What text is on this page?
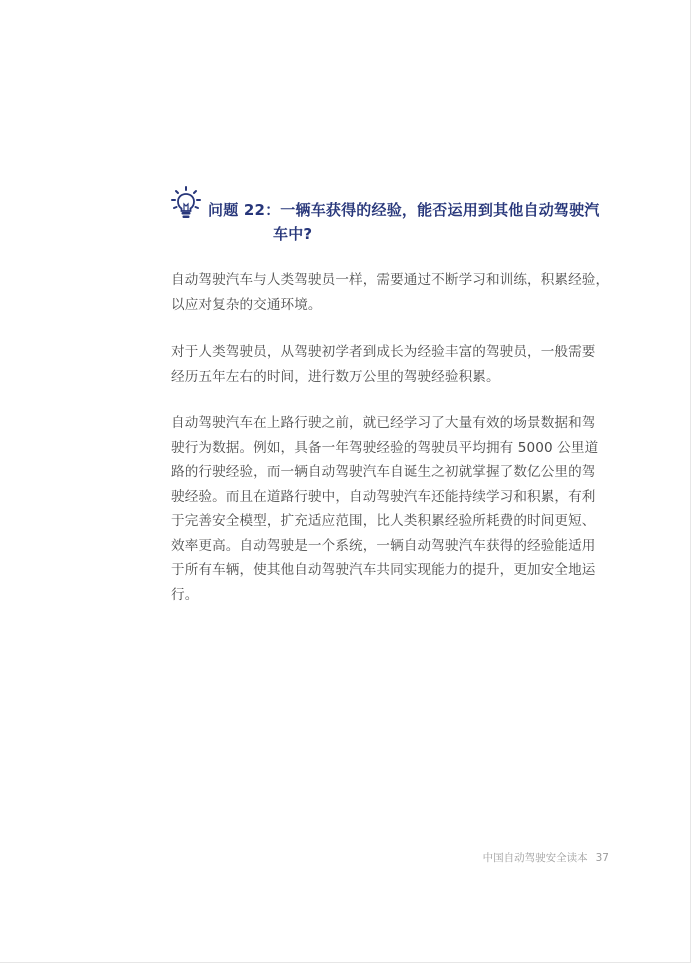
问题 22：一辆车获得的经验，能否运用到其他自动驾驶汽
车中?

自动驾驶汽车与人类驾驶员一样，需要通过不断学习和训练，积累经验，
以应对复杂的交通环境。

对于人类驾驶员，从驾驶初学者到成长为经验丰富的驾驶员，一般需要
经历五年左右的时间，进行数万公里的驾驶经验积累。

自动驾驶汽车在上路行驶之前，就已经学习了大量有效的场景数据和驾
驶行为数据。例如，具备一年驾驶经验的驾驶员平均拥有 5000 公里道
路的行驶经验，而一辆自动驾驶汽车自诞生之初就掌握了数亿公里的驾
驶经验。而且在道路行驶中，自动驾驶汽车还能持续学习和积累，有利
于完善安全模型，扩充适应范围，比人类积累经验所耗费的时间更短、
效率更高。自动驾驶是一个系统，一辆自动驾驶汽车获得的经验能适用
于所有车辆，使其他自动驾驶汽车共同实现能力的提升，更加安全地运
行。

中国自动驾驶安全读本 37
